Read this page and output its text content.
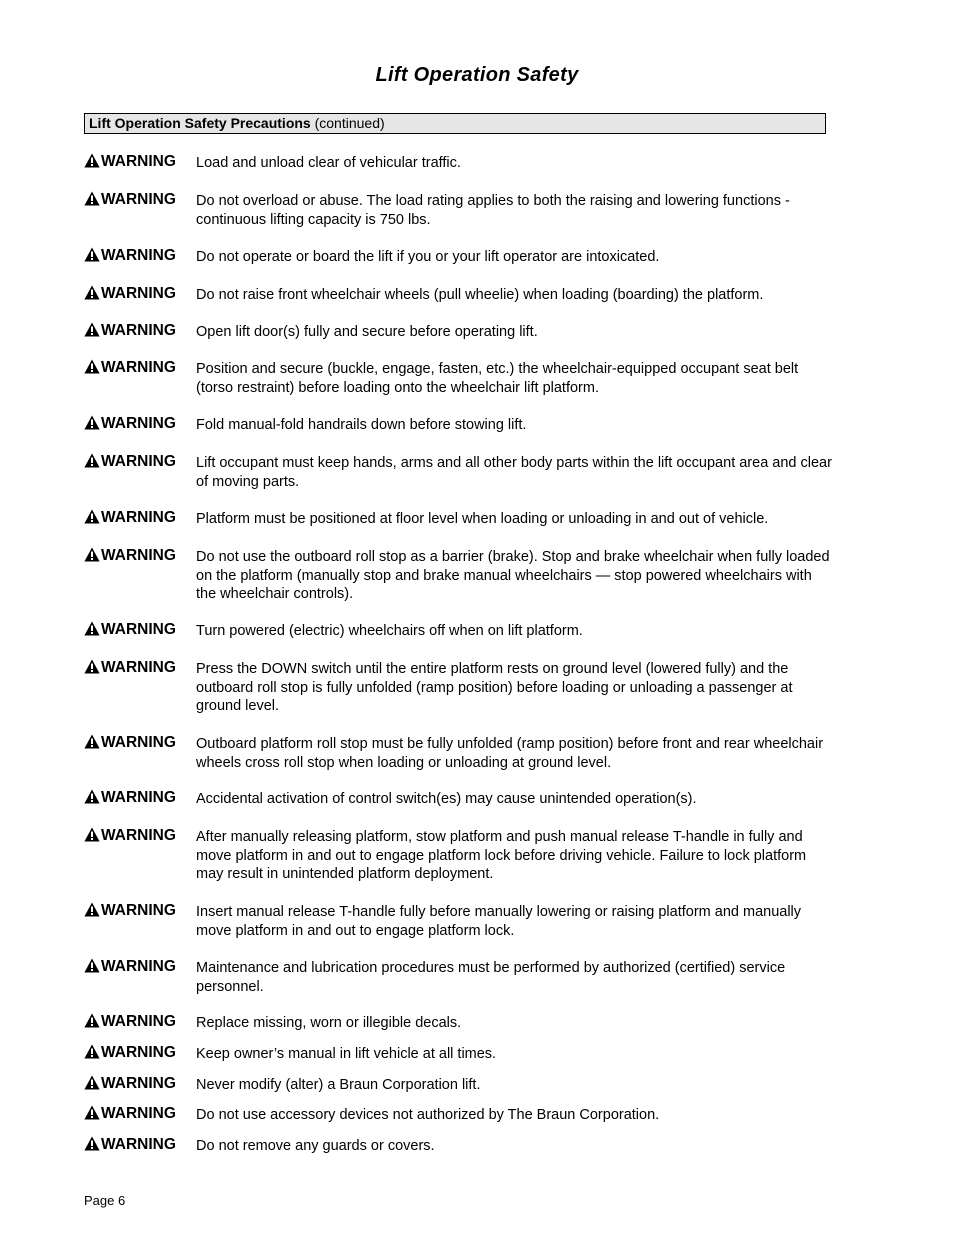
Lift Operation Safety
Lift Operation Safety Precautions (continued)
WARNING	Load and unload clear of vehicular traffic.
WARNING	Do not overload or abuse. The load rating applies to both the raising and lowering functions - continuous lifting capacity is 750 lbs.
WARNING	Do not operate or board the lift if you or your lift operator are intoxicated.
WARNING	Do not raise front wheelchair wheels (pull wheelie) when loading (boarding) the platform.
WARNING	Open lift door(s) fully and secure before operating lift.
WARNING	Position and secure (buckle, engage, fasten, etc.) the wheelchair-equipped occupant seat belt (torso restraint) before loading onto the wheelchair lift platform.
WARNING	Fold manual-fold handrails down before stowing lift.
WARNING	Lift occupant must keep hands, arms and all other body parts within the lift occupant area and clear of moving parts.
WARNING	Platform must be positioned at floor level when loading or unloading in and out of vehicle.
WARNING	Do not use the outboard roll stop as a barrier (brake). Stop and brake wheelchair when fully loaded on the platform (manually stop and brake manual wheelchairs — stop powered wheelchairs with the wheelchair controls).
WARNING	Turn powered (electric) wheelchairs off when on lift platform.
WARNING	Press the DOWN switch until the entire platform rests on ground level (lowered fully) and the outboard roll stop is fully unfolded (ramp position) before loading or unloading a passenger at ground level.
WARNING	Outboard platform roll stop must be fully unfolded (ramp position) before front and rear wheelchair wheels cross roll stop when loading or unloading at ground level.
WARNING	Accidental activation of control switch(es) may cause unintended operation(s).
WARNING	After manually releasing platform, stow platform and push manual release T-handle in fully and move platform in and out to engage platform lock before driving vehicle. Failure to lock platform may result in unintended platform deployment.
WARNING	Insert manual release T-handle fully before manually lowering or raising platform and manually move platform in and out to engage platform lock.
WARNING	Maintenance and lubrication procedures must be performed by authorized (certified) service personnel.
WARNING	Replace missing, worn or illegible decals.
WARNING	Keep owner’s manual in lift vehicle at all times.
WARNING	Never modify (alter) a Braun Corporation lift.
WARNING	Do not use accessory devices not authorized by The Braun Corporation.
WARNING	Do not remove any guards or covers.
Page 6
